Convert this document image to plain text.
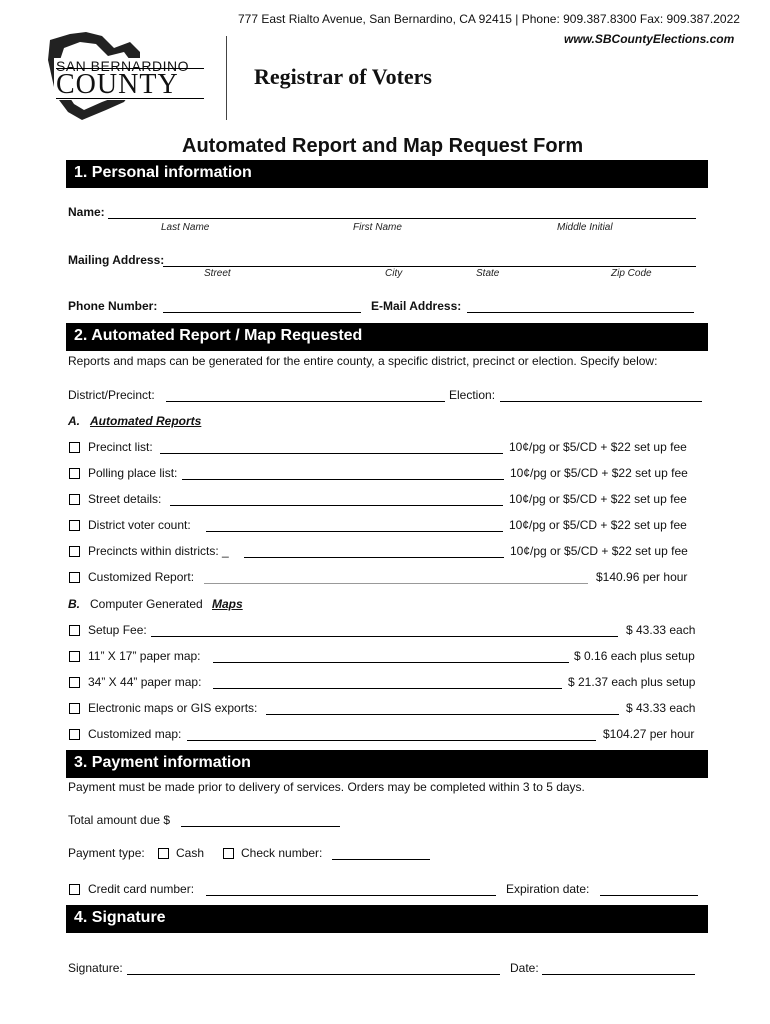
777 East Rialto Avenue, San Bernardino, CA 92415 | Phone: 909.387.8300 Fax: 909.387.2022
www.SBCountyElections.com
SAN BERNARDINO
COUNTY	Registrar of Voters
Automated Report and Map Request Form
1. Personal information
Name:
Last Name	First Name	Middle Initial
Mailing Address:
Street	City	State	Zip Code
Phone Number:	E-Mail Address:
2. Automated Report / Map Requested
Reports and maps can be generated for the entire county, a specific district, precinct or election. Specify below:
District/Precinct:	Election:
A. Automated Reports
Precinct list:	10¢/pg or $5/CD + $22 set up fee
Polling place list:	10¢/pg or $5/CD + $22 set up fee
Street details:	10¢/pg or $5/CD + $22 set up fee
District voter count:	10¢/pg or $5/CD + $22 set up fee
Precincts within districts: _	10¢/pg or $5/CD + $22 set up fee
Customized Report:	$140.96 per hour
B. Computer Generated Maps
Setup Fee:	$ 43.33 each
11” X 17” paper map:	$ 0.16 each plus setup
34” X 44” paper map:	$ 21.37 each plus setup
Electronic maps or GIS exports:	$ 43.33 each
Customized map:	$104.27 per hour
3. Payment information
Payment must be made prior to delivery of services. Orders may be completed within 3 to 5 days.
Total amount due $
Payment type:	Cash	Check number:
Credit card number:	Expiration date:
4. Signature
Signature:	Date:
